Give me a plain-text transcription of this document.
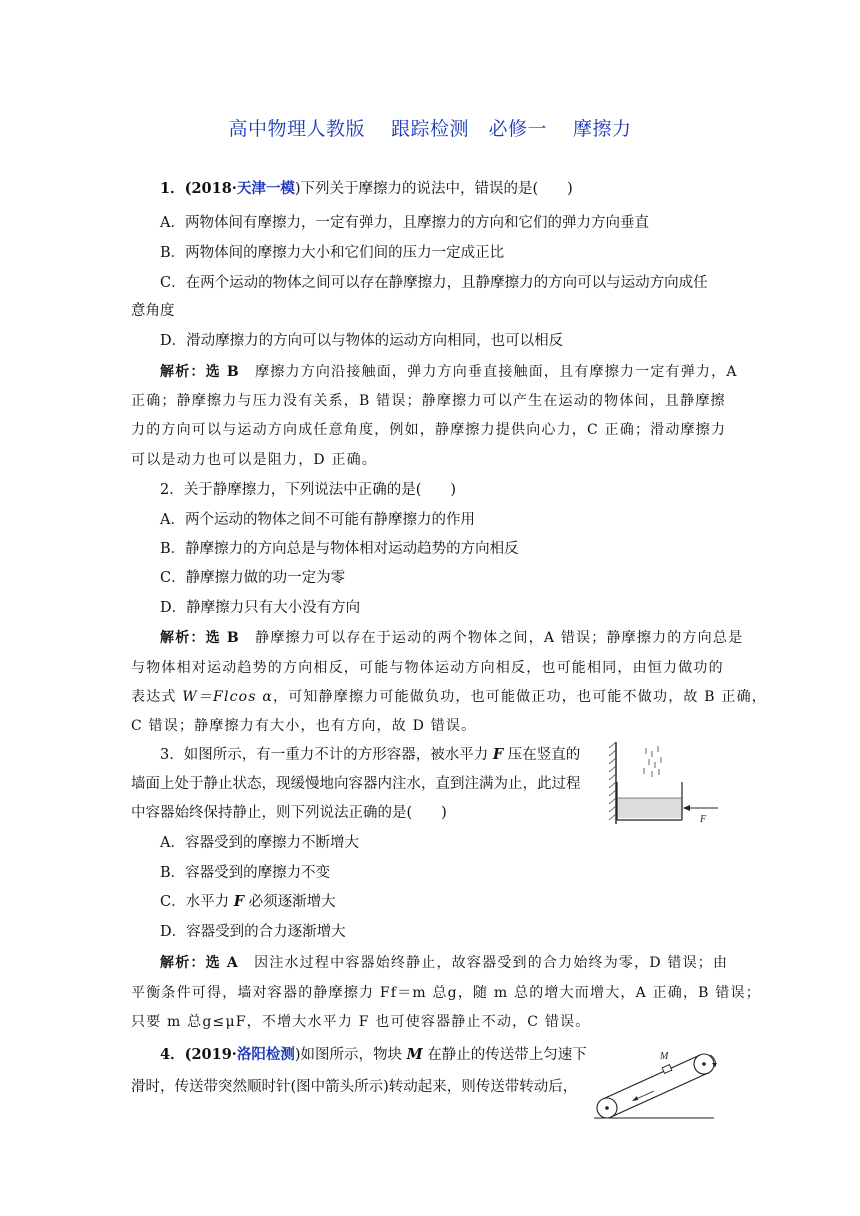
高中物理人教版　 跟踪检测　必修一　 摩擦力
1．(2018·天津一模)下列关于摩擦力的说法中，错误的是(　　)
A．两物体间有摩擦力，一定有弹力，且摩擦力的方向和它们的弹力方向垂直
B．两物体间的摩擦力大小和它们间的压力一定成正比
C．在两个运动的物体之间可以存在静摩擦力，且静摩擦力的方向可以与运动方向成任
意角度
D．滑动摩擦力的方向可以与物体的运动方向相同，也可以相反
解析：选 B　摩擦力方向沿接触面，弹力方向垂直接触面，且有摩擦力一定有弹力，A
正确；静摩擦力与压力没有关系，B 错误；静摩擦力可以产生在运动的物体间，且静摩擦
力的方向可以与运动方向成任意角度，例如，静摩擦力提供向心力，C 正确；滑动摩擦力
可以是动力也可以是阻力，D 正确。
2．关于静摩擦力，下列说法中正确的是(　　)
A．两个运动的物体之间不可能有静摩擦力的作用
B．静摩擦力的方向总是与物体相对运动趋势的方向相反
C．静摩擦力做的功一定为零
D．静摩擦力只有大小没有方向
解析：选 B　静摩擦力可以存在于运动的两个物体之间，A 错误；静摩擦力的方向总是
与物体相对运动趋势的方向相反，可能与物体运动方向相反，也可能相同，由恒力做功的
表达式 W＝Flcos α，可知静摩擦力可能做负功，也可能做正功，也可能不做功，故 B 正确，
C 错误；静摩擦力有大小，也有方向，故 D 错误。
3．如图所示，有一重力不计的方形容器，被水平力 F 压在竖直的
墙面上处于静止状态，现缓慢地向容器内注水，直到注满为止，此过程
中容器始终保持静止，则下列说法正确的是(　　)
A．容器受到的摩擦力不断增大
B．容器受到的摩擦力不变
C．水平力 F 必须逐渐增大
D．容器受到的合力逐渐增大
解析：选 A　因注水过程中容器始终静止，故容器受到的合力始终为零，D 错误；由
平衡条件可得，墙对容器的静摩擦力 Ff＝m 总g，随 m 总的增大而增大，A 正确，B 错误；
只要 m 总g≤μF，不增大水平力 F 也可使容器静止不动，C 错误。
F
4．(2019·洛阳检测)如图所示，物块 M 在静止的传送带上匀速下
滑时，传送带突然顺时针(图中箭头所示)转动起来，则传送带转动后，
M
